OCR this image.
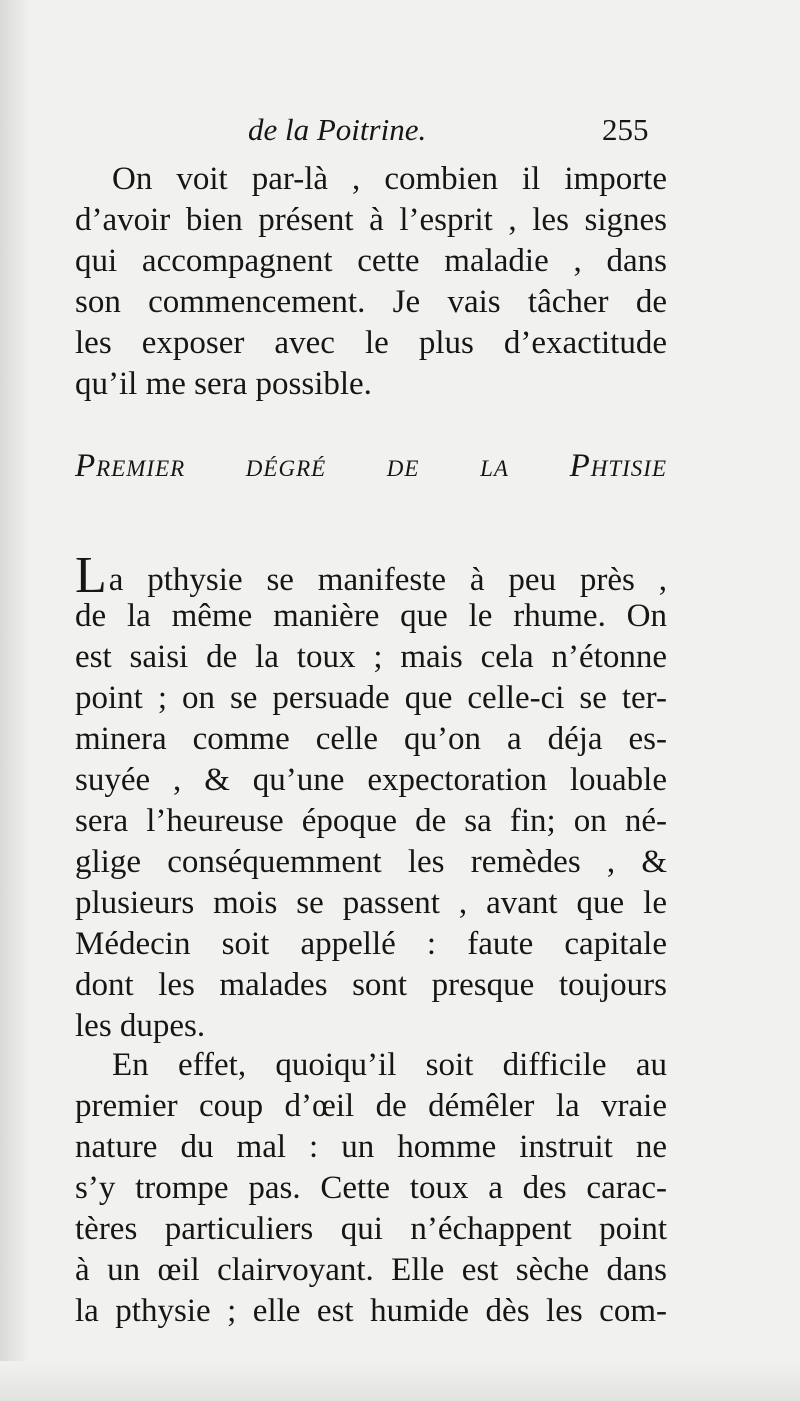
de la Poitrine.	255
On voit par-là , combien il importe
d’avoir bien présent à l’esprit , les signes
qui accompagnent cette maladie , dans
son commencement. Je vais tâcher de
les exposer avec le plus d’exactitude
qu’il me sera possible.
Premier dégré de la Phtisie
La pthysie se manifeste à peu près ,
de la même manière que le rhume. On
est saisi de la toux ; mais cela n’étonne
point ; on se persuade que celle-ci se ter-
minera comme celle qu’on a déja es-
suyée , & qu’une expectoration louable
sera l’heureuse époque de sa fin; on né-
glige conséquemment les remèdes , &
plusieurs mois se passent , avant que le
Médecin soit appellé : faute capitale
dont les malades sont presque toujours
les dupes.
En effet, quoiqu’il soit difficile au
premier coup d’œil de démêler la vraie
nature du mal : un homme instruit ne
s’y trompe pas. Cette toux a des carac-
tères particuliers qui n’échappent point
à un œil clairvoyant. Elle est sèche dans
la pthysie ; elle est humide dès les com-
